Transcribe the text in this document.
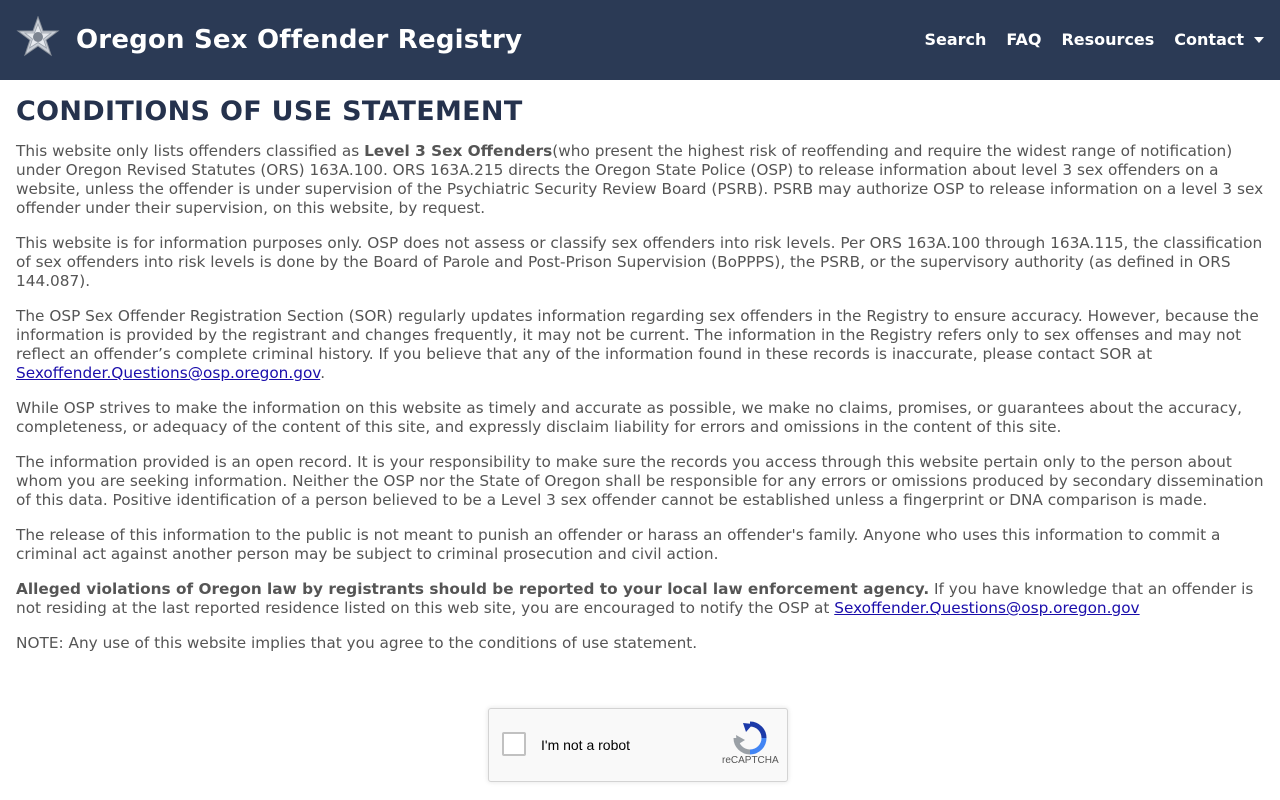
Oregon Sex Offender Registry	Search FAQ Resources Contact
CONDITIONS OF USE STATEMENT

This website only lists offenders classified as Level 3 Sex Offenders(who present the highest risk of reoffending and require the widest range of notification) under Oregon Revised Statutes (ORS) 163A.100. ORS 163A.215 directs the Oregon State Police (OSP) to release information about level 3 sex offenders on a website, unless the offender is under supervision of the Psychiatric Security Review Board (PSRB). PSRB may authorize OSP to release information on a level 3 sex offender under their supervision, on this website, by request.

This website is for information purposes only. OSP does not assess or classify sex offenders into risk levels. Per ORS 163A.100 through 163A.115, the classification of sex offenders into risk levels is done by the Board of Parole and Post-Prison Supervision (BoPPPS), the PSRB, or the supervisory authority (as defined in ORS 144.087).

The OSP Sex Offender Registration Section (SOR) regularly updates information regarding sex offenders in the Registry to ensure accuracy. However, because the information is provided by the registrant and changes frequently, it may not be current. The information in the Registry refers only to sex offenses and may not reflect an offender’s complete criminal history. If you believe that any of the information found in these records is inaccurate, please contact SOR at Sexoffender.Questions@osp.oregon.gov.

While OSP strives to make the information on this website as timely and accurate as possible, we make no claims, promises, or guarantees about the accuracy, completeness, or adequacy of the content of this site, and expressly disclaim liability for errors and omissions in the content of this site.

The information provided is an open record. It is your responsibility to make sure the records you access through this website pertain only to the person about whom you are seeking information. Neither the OSP nor the State of Oregon shall be responsible for any errors or omissions produced by secondary dissemination of this data. Positive identification of a person believed to be a Level 3 sex offender cannot be established unless a fingerprint or DNA comparison is made.

The release of this information to the public is not meant to punish an offender or harass an offender's family. Anyone who uses this information to commit a criminal act against another person may be subject to criminal prosecution and civil action.

Alleged violations of Oregon law by registrants should be reported to your local law enforcement agency. If you have knowledge that an offender is not residing at the last reported residence listed on this web site, you are encouraged to notify the OSP at Sexoffender.Questions@osp.oregon.gov

NOTE: Any use of this website implies that you agree to the conditions of use statement.

I'm not a robot
reCAPTCHA
